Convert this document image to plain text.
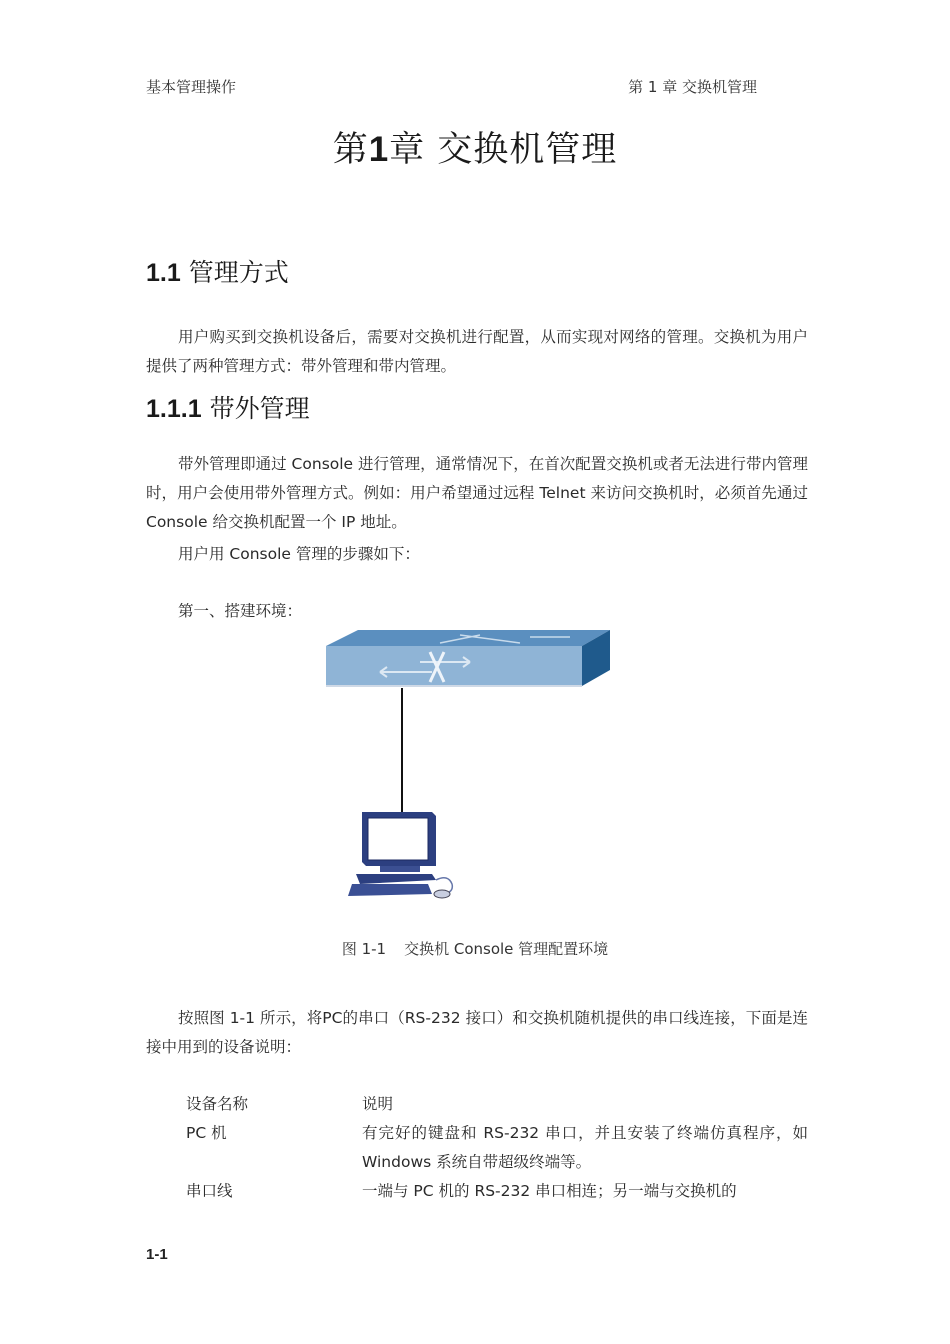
基本管理操作	第 1 章 交换机管理
第1章 交换机管理
1.1 管理方式

用户购买到交换机设备后，需要对交换机进行配置，从而实现对网络的管理。交换机为用户提供了两种管理方式：带外管理和带内管理。

1.1.1 带外管理

带外管理即通过 Console 进行管理，通常情况下，在首次配置交换机或者无法进行带内管理时，用户会使用带外管理方式。例如：用户希望通过远程 Telnet 来访问交换机时，必须首先通过 Console 给交换机配置一个 IP 地址。

用户用 Console 管理的步骤如下：
第一、搭建环境：
图 1-1 交换机 Console 管理配置环境

按照图 1-1 所示，将PC的串口（RS-232 接口）和交换机随机提供的串口线连接，下面是连接中用到的设备说明：

设备名称	说明
PC 机	有完好的键盘和 RS-232 串口，并且安装了终端仿真程序，如 Windows 系统自带超级终端等。
串口线	一端与 PC 机的 RS-232 串口相连；另一端与交换机的
1-1
